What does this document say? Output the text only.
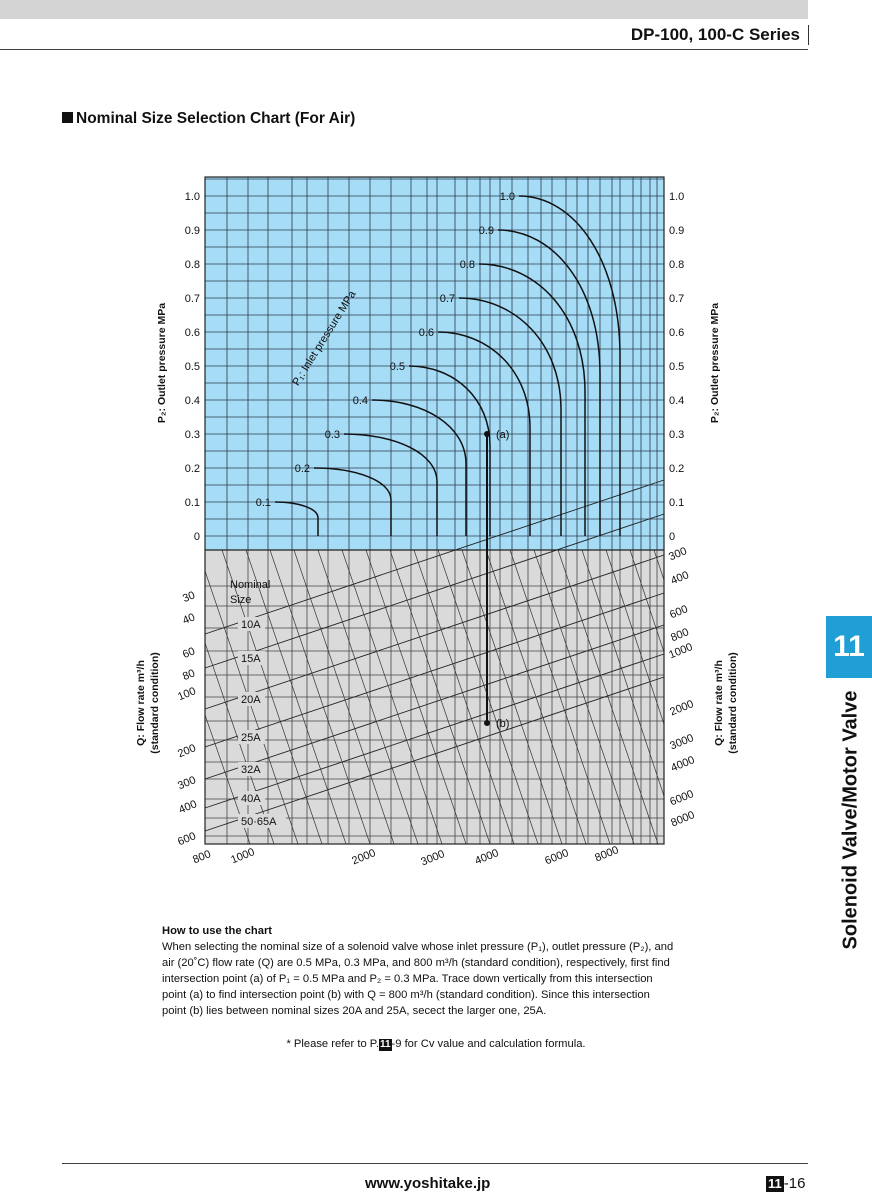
DP-100, 100-C Series
Nominal Size Selection Chart (For Air)
0.1
0.2
0.3
0.4
0.5
0.6
0.7
0.8
0.9
1.0
P₁: Inlet pressure MPa
1.0	1.0
0.9	0.9
0.8	0.8
0.7	0.7
0.6	0.6
0.5	0.5
0.4	0.4
0.3	0.3
0.2	0.2
0.1	0.1
0	0
P₂: Outlet pressure MPa	P₂: Outlet pressure MPa
30
40
60
80
100
200
300
400
600
300
400
600
800
1000
2000
3000
4000
6000
8000
800 1000	2000	3000 4000	6000 8000
Q: Flow rate m³/h (standard condition)	Q: Flow rate m³/h (standard condition)
Nominal
Size
10A
15A
20A
25A
32A
40A
50·65A
(a)
(b)
How to use the chart
When selecting the nominal size of a solenoid valve whose inlet pressure (P₁), outlet pressure (P₂), and
air (20˚C) flow rate (Q) are 0.5 MPa, 0.3 MPa, and 800 m³/h (standard condition), respectively, first find
intersection point (a) of P₁ = 0.5 MPa and P₂ = 0.3 MPa. Trace down vertically from this intersection
point (a) to find intersection point (b) with Q = 800 m³/h (standard condition). Since this intersection
point (b) lies between nominal sizes 20A and 25A, secect the larger one, 25A.
* Please refer to P.11-9 for Cv value and calculation formula.
www.yoshitake.jp	11 -16
11
Solenoid Valve/Motor Valve
